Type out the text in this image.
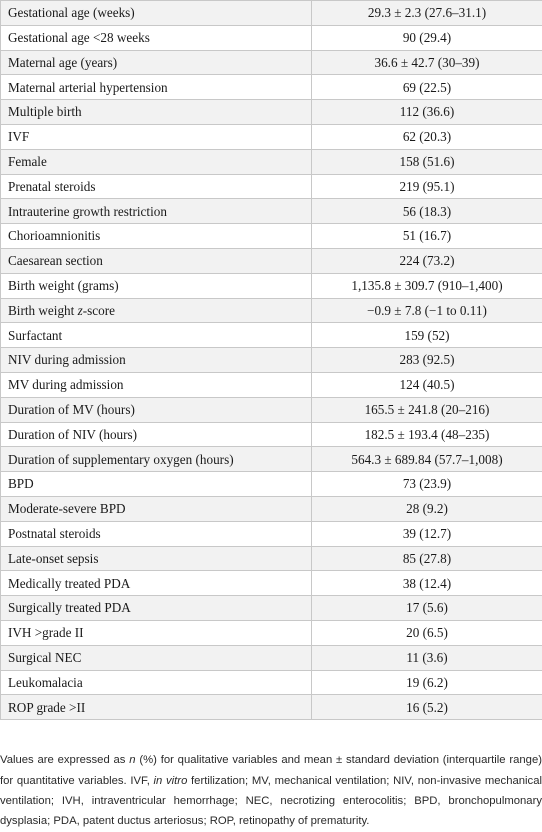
Gestational age (weeks)	29.3 ± 2.3 (27.6–31.1)
Gestational age <28 weeks	90 (29.4)
Maternal age (years)	36.6 ± 42.7 (30–39)
Maternal arterial hypertension	69 (22.5)
Multiple birth	112 (36.6)
IVF	62 (20.3)
Female	158 (51.6)
Prenatal steroids	219 (95.1)
Intrauterine growth restriction	56 (18.3)
Chorioamnionitis	51 (16.7)
Caesarean section	224 (73.2)
Birth weight (grams)	1,135.8 ± 309.7 (910–1,400)
Birth weight z-score	−0.9 ± 7.8 (−1 to 0.11)
Surfactant	159 (52)
NIV during admission	283 (92.5)
MV during admission	124 (40.5)
Duration of MV (hours)	165.5 ± 241.8 (20–216)
Duration of NIV (hours)	182.5 ± 193.4 (48–235)
Duration of supplementary oxygen (hours)	564.3 ± 689.84 (57.7–1,008)
BPD	73 (23.9)
Moderate-severe BPD	28 (9.2)
Postnatal steroids	39 (12.7)
Late-onset sepsis	85 (27.8)
Medically treated PDA	38 (12.4)
Surgically treated PDA	17 (5.6)
IVH >grade II	20 (6.5)
Surgical NEC	11 (3.6)
Leukomalacia	19 (6.2)
ROP grade >II	16 (5.2)

Values are expressed as n (%) for qualitative variables and mean ± standard deviation (interquartile range) for quantitative variables. IVF, in vitro fertilization; MV, mechanical ventilation; NIV, non-invasive mechanical ventilation; IVH, intraventricular hemorrhage; NEC, necrotizing enterocolitis; BPD, bronchopulmonary dysplasia; PDA, patent ductus arteriosus; ROP, retinopathy of prematurity.
